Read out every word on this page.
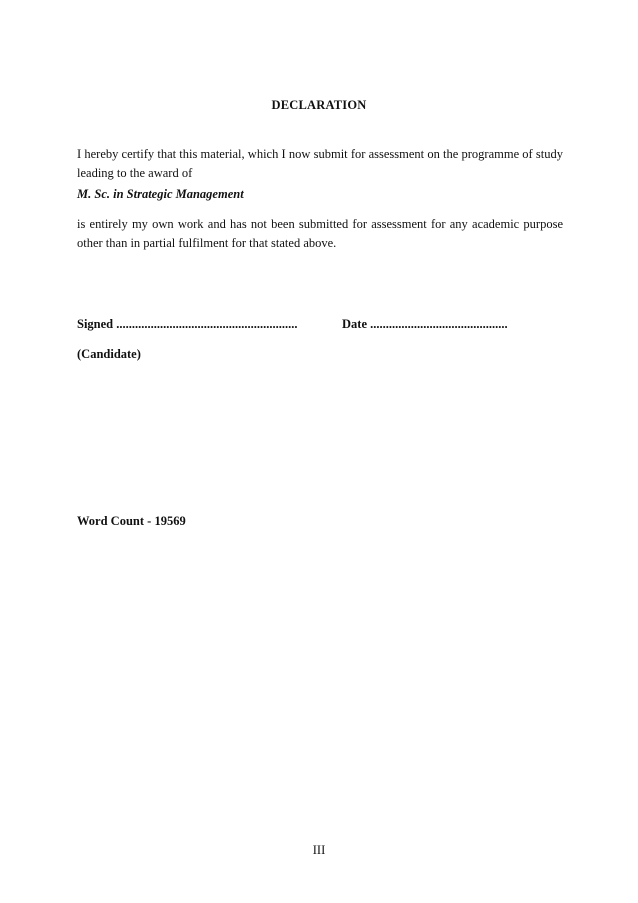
DECLARATION
I hereby certify that this material, which I now submit for assessment on the programme of study leading to the award of
M. Sc. in Strategic Management
is entirely my own work and has not been submitted for assessment for any academic purpose other than in partial fulfilment for that stated above.
Signed ..........................................................	Date ............................................
(Candidate)
Word Count - 19569
III
